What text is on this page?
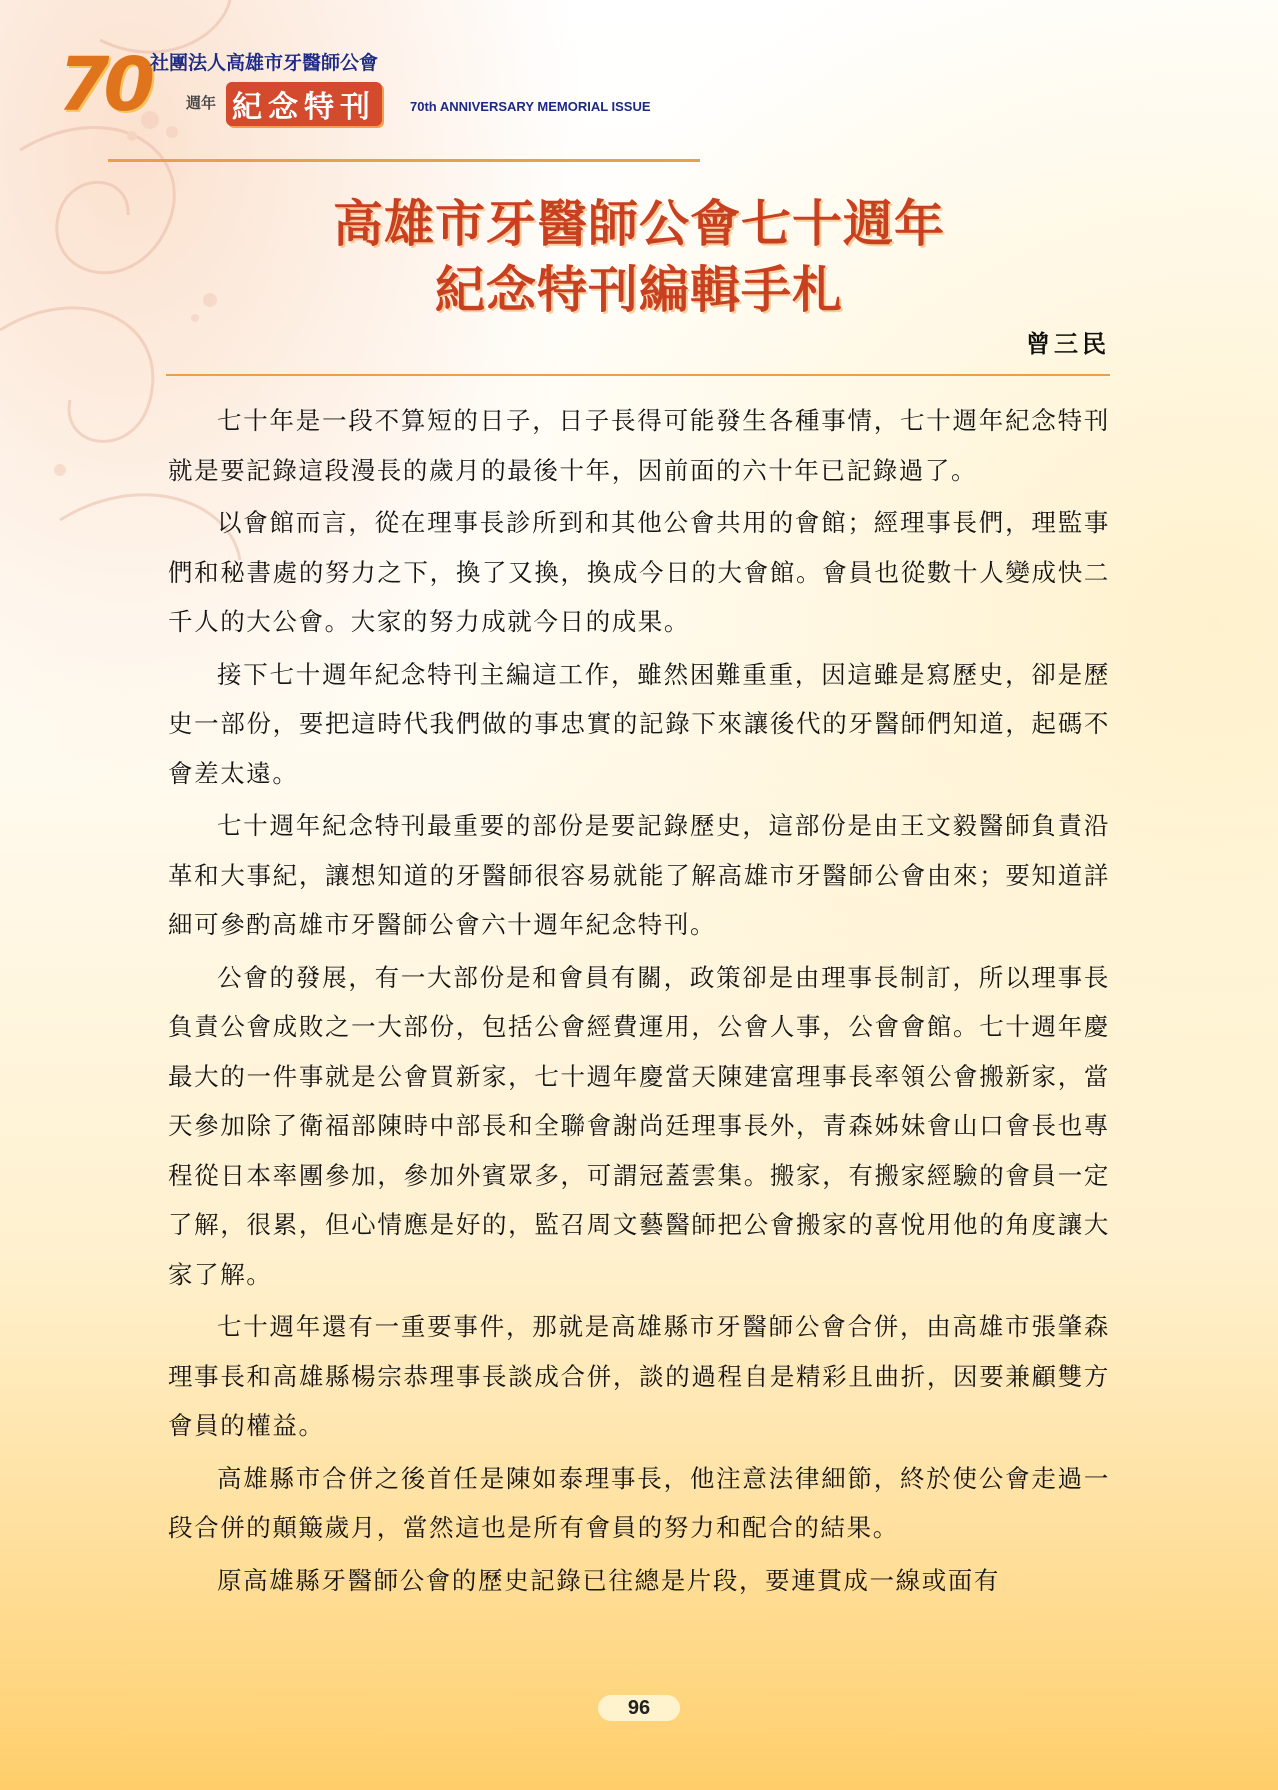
70 社團法人高雄市牙醫師公會
週年 紀念特刊	70th ANNIVERSARY MEMORIAL ISSUE
高雄市牙醫師公會七十週年
紀念特刊編輯手札
曾三民

七十年是一段不算短的日子，日子長得可能發生各種事情，七十週年紀念特刊就是要記錄這段漫長的歲月的最後十年，因前面的六十年已記錄過了。

以會館而言，從在理事長診所到和其他公會共用的會館；經理事長們，理監事們和秘書處的努力之下，換了又換，換成今日的大會館。會員也從數十人變成快二千人的大公會。大家的努力成就今日的成果。

接下七十週年紀念特刊主編這工作，雖然困難重重，因這雖是寫歷史，卻是歷史一部份，要把這時代我們做的事忠實的記錄下來讓後代的牙醫師們知道，起碼不會差太遠。

七十週年紀念特刊最重要的部份是要記錄歷史，這部份是由王文毅醫師負責沿革和大事紀，讓想知道的牙醫師很容易就能了解高雄市牙醫師公會由來；要知道詳細可參酌高雄市牙醫師公會六十週年紀念特刊。

公會的發展，有一大部份是和會員有關，政策卻是由理事長制訂，所以理事長負責公會成敗之一大部份，包括公會經費運用，公會人事，公會會館。七十週年慶最大的一件事就是公會買新家，七十週年慶當天陳建富理事長率領公會搬新家，當天參加除了衛福部陳時中部長和全聯會謝尚廷理事長外，青森姊妹會山口會長也專程從日本率團參加，參加外賓眾多，可謂冠蓋雲集。搬家，有搬家經驗的會員一定了解，很累，但心情應是好的，監召周文藝醫師把公會搬家的喜悅用他的角度讓大家了解。

七十週年還有一重要事件，那就是高雄縣市牙醫師公會合併，由高雄市張肇森理事長和高雄縣楊宗恭理事長談成合併，談的過程自是精彩且曲折，因要兼顧雙方會員的權益。

高雄縣市合併之後首任是陳如泰理事長，他注意法律細節，終於使公會走過一段合併的顛簸歲月，當然這也是所有會員的努力和配合的結果。

原高雄縣牙醫師公會的歷史記錄已往總是片段，要連貫成一線或面有

96
